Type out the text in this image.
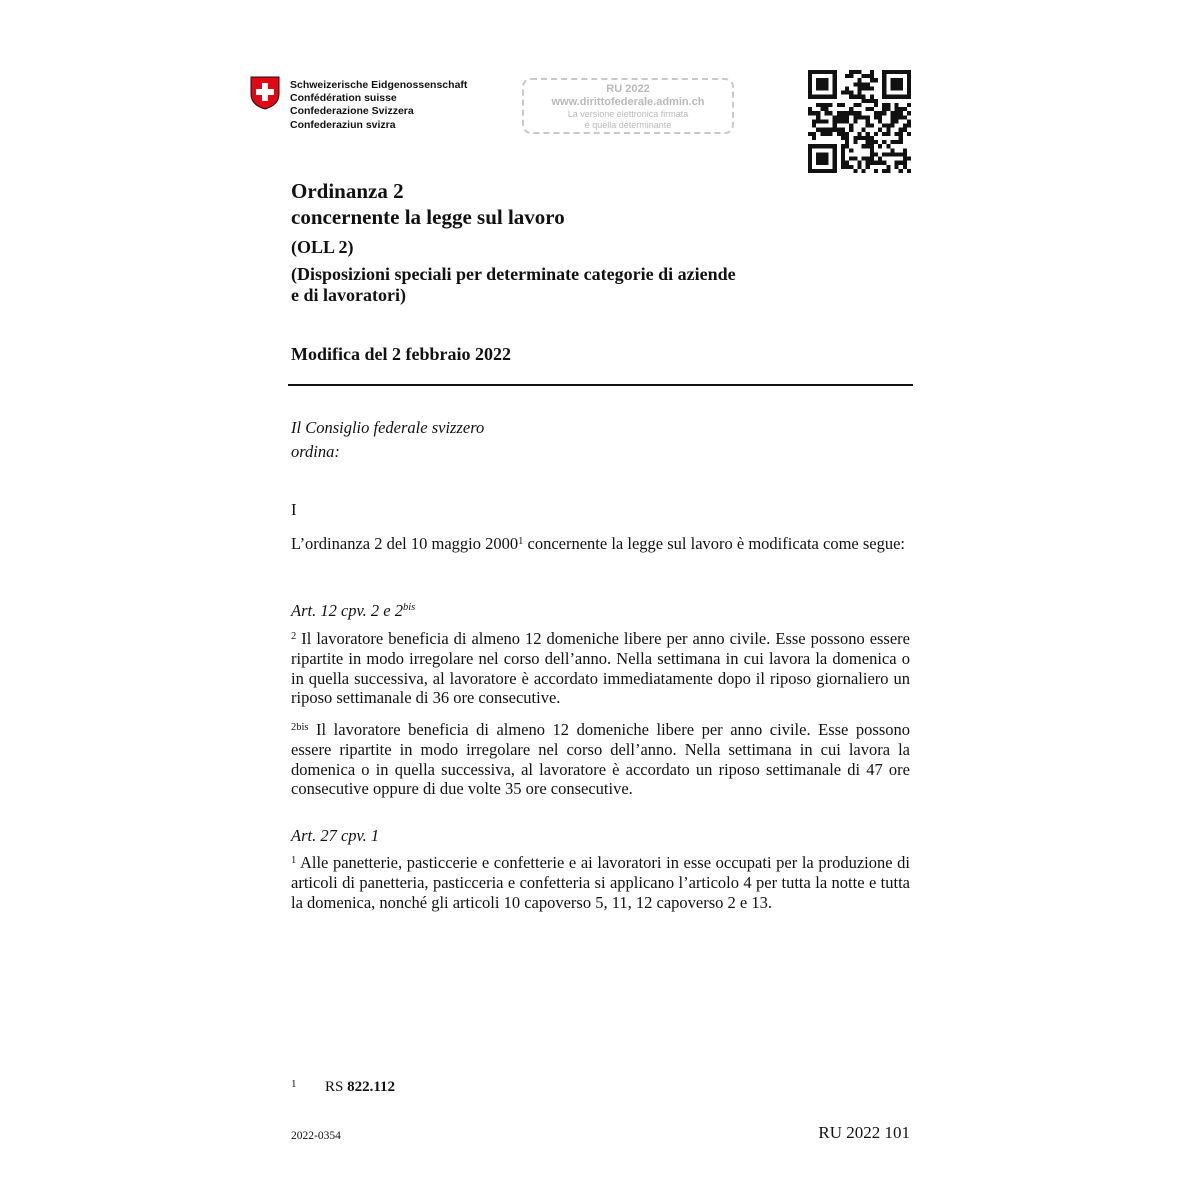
Schweizerische Eidgenossenschaft
Confédération suisse
Confederazione Svizzera
Confederaziun svizra
RU 2022
www.dirittofederale.admin.ch
La versione elettronica firmata
è quella determinante
Ordinanza 2
concernente la legge sul lavoro
(OLL 2)
(Disposizioni speciali per determinate categorie di aziende
e di lavoratori)
Modifica del 2 febbraio 2022
Il Consiglio federale svizzero
ordina:
I
L’ordinanza 2 del 10 maggio 2000$^1$ concernente la legge sul lavoro è modificata come segue:
Art. 12 cpv. 2 e $2^{bis}$
$^2$ Il lavoratore beneficia di almeno 12 domeniche libere per anno civile. Esse possono essere ripartite in modo irregolare nel corso dell’anno. Nella settimana in cui lavora la domenica o in quella successiva, al lavoratore è accordato immediatamente dopo il riposo giornaliero un riposo settimanale di 36 ore consecutive.
$^{2bis}$ Il lavoratore beneficia di almeno 12 domeniche libere per anno civile. Esse possono essere ripartite in modo irregolare nel corso dell’anno. Nella settimana in cui lavora la domenica o in quella successiva, al lavoratore è accordato un riposo settimanale di 47 ore consecutive oppure di due volte 35 ore consecutive.
Art. 27 cpv. 1
$^1$ Alle panetterie, pasticcerie e confetterie e ai lavoratori in esse occupati per la produzione di articoli di panetteria, pasticceria e confetteria si applicano l’articolo 4 per tutta la notte e tutta la domenica, nonché gli articoli 10 capoverso 5, 11, 12 capoverso 2 e 13.
1 RS 822.112
2022-0354	RU 2022 101
